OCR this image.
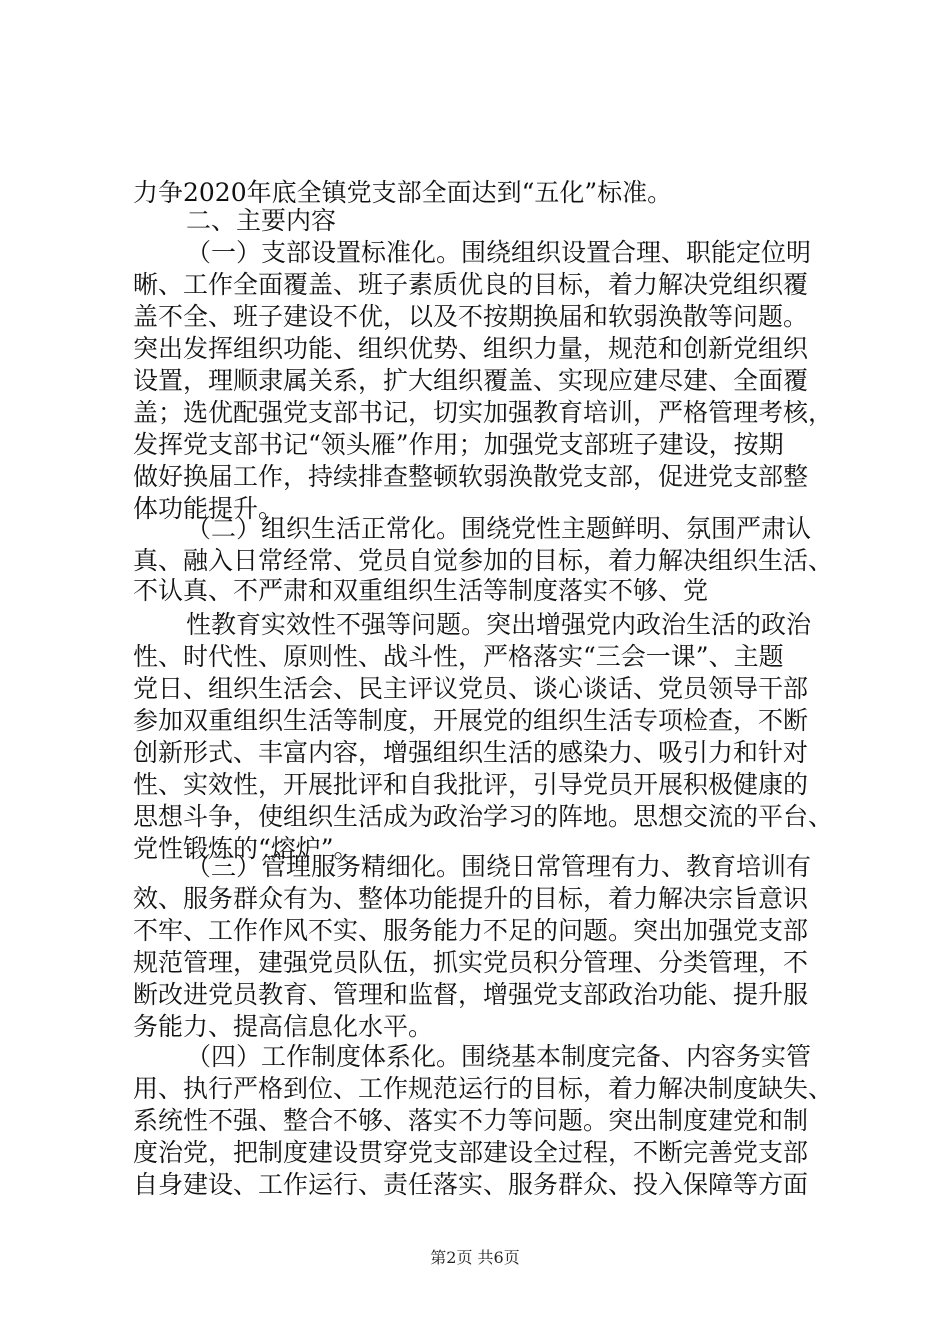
力争2020年底全镇党支部全面达到“五化”标准。
二、主要内容
（一）支部设置标准化。围绕组织设置合理、职能定位明
晰、工作全面覆盖、班子素质优良的目标，着力解决党组织覆
盖不全、班子建设不优，以及不按期换届和软弱涣散等问题。
突出发挥组织功能、组织优势、组织力量，规范和创新党组织
设置，理顺隶属关系，扩大组织覆盖、实现应建尽建、全面覆
盖；选优配强党支部书记，切实加强教育培训，严格管理考核，
发挥党支部书记“领头雁”作用；加强党支部班子建设，按期
做好换届工作，持续排查整顿软弱涣散党支部，促进党支部整
体功能提升。
（二）组织生活正常化。围绕党性主题鲜明、氛围严肃认
真、融入日常经常、党员自觉参加的目标，着力解决组织生活、
不认真、不严肃和双重组织生活等制度落实不够、党
性教育实效性不强等问题。突出增强党内政治生活的政治
性、时代性、原则性、战斗性，严格落实“三会一课”、主题
党日、组织生活会、民主评议党员、谈心谈话、党员领导干部
参加双重组织生活等制度，开展党的组织生活专项检查，不断
创新形式、丰富内容，增强组织生活的感染力、吸引力和针对
性、实效性，开展批评和自我批评，引导党员开展积极健康的
思想斗争，使组织生活成为政治学习的阵地。思想交流的平台、
党性锻炼的“熔炉”。
（三）管理服务精细化。围绕日常管理有力、教育培训有
效、服务群众有为、整体功能提升的目标，着力解决宗旨意识
不牢、工作作风不实、服务能力不足的问题。突出加强党支部
规范管理，建强党员队伍，抓实党员积分管理、分类管理，不
断改进党员教育、管理和监督，增强党支部政治功能、提升服
务能力、提高信息化水平。
（四）工作制度体系化。围绕基本制度完备、内容务实管
用、执行严格到位、工作规范运行的目标，着力解决制度缺失、
系统性不强、整合不够、落实不力等问题。突出制度建党和制
度治党，把制度建设贯穿党支部建设全过程，不断完善党支部
自身建设、工作运行、责任落实、服务群众、投入保障等方面
第2页 共6页
